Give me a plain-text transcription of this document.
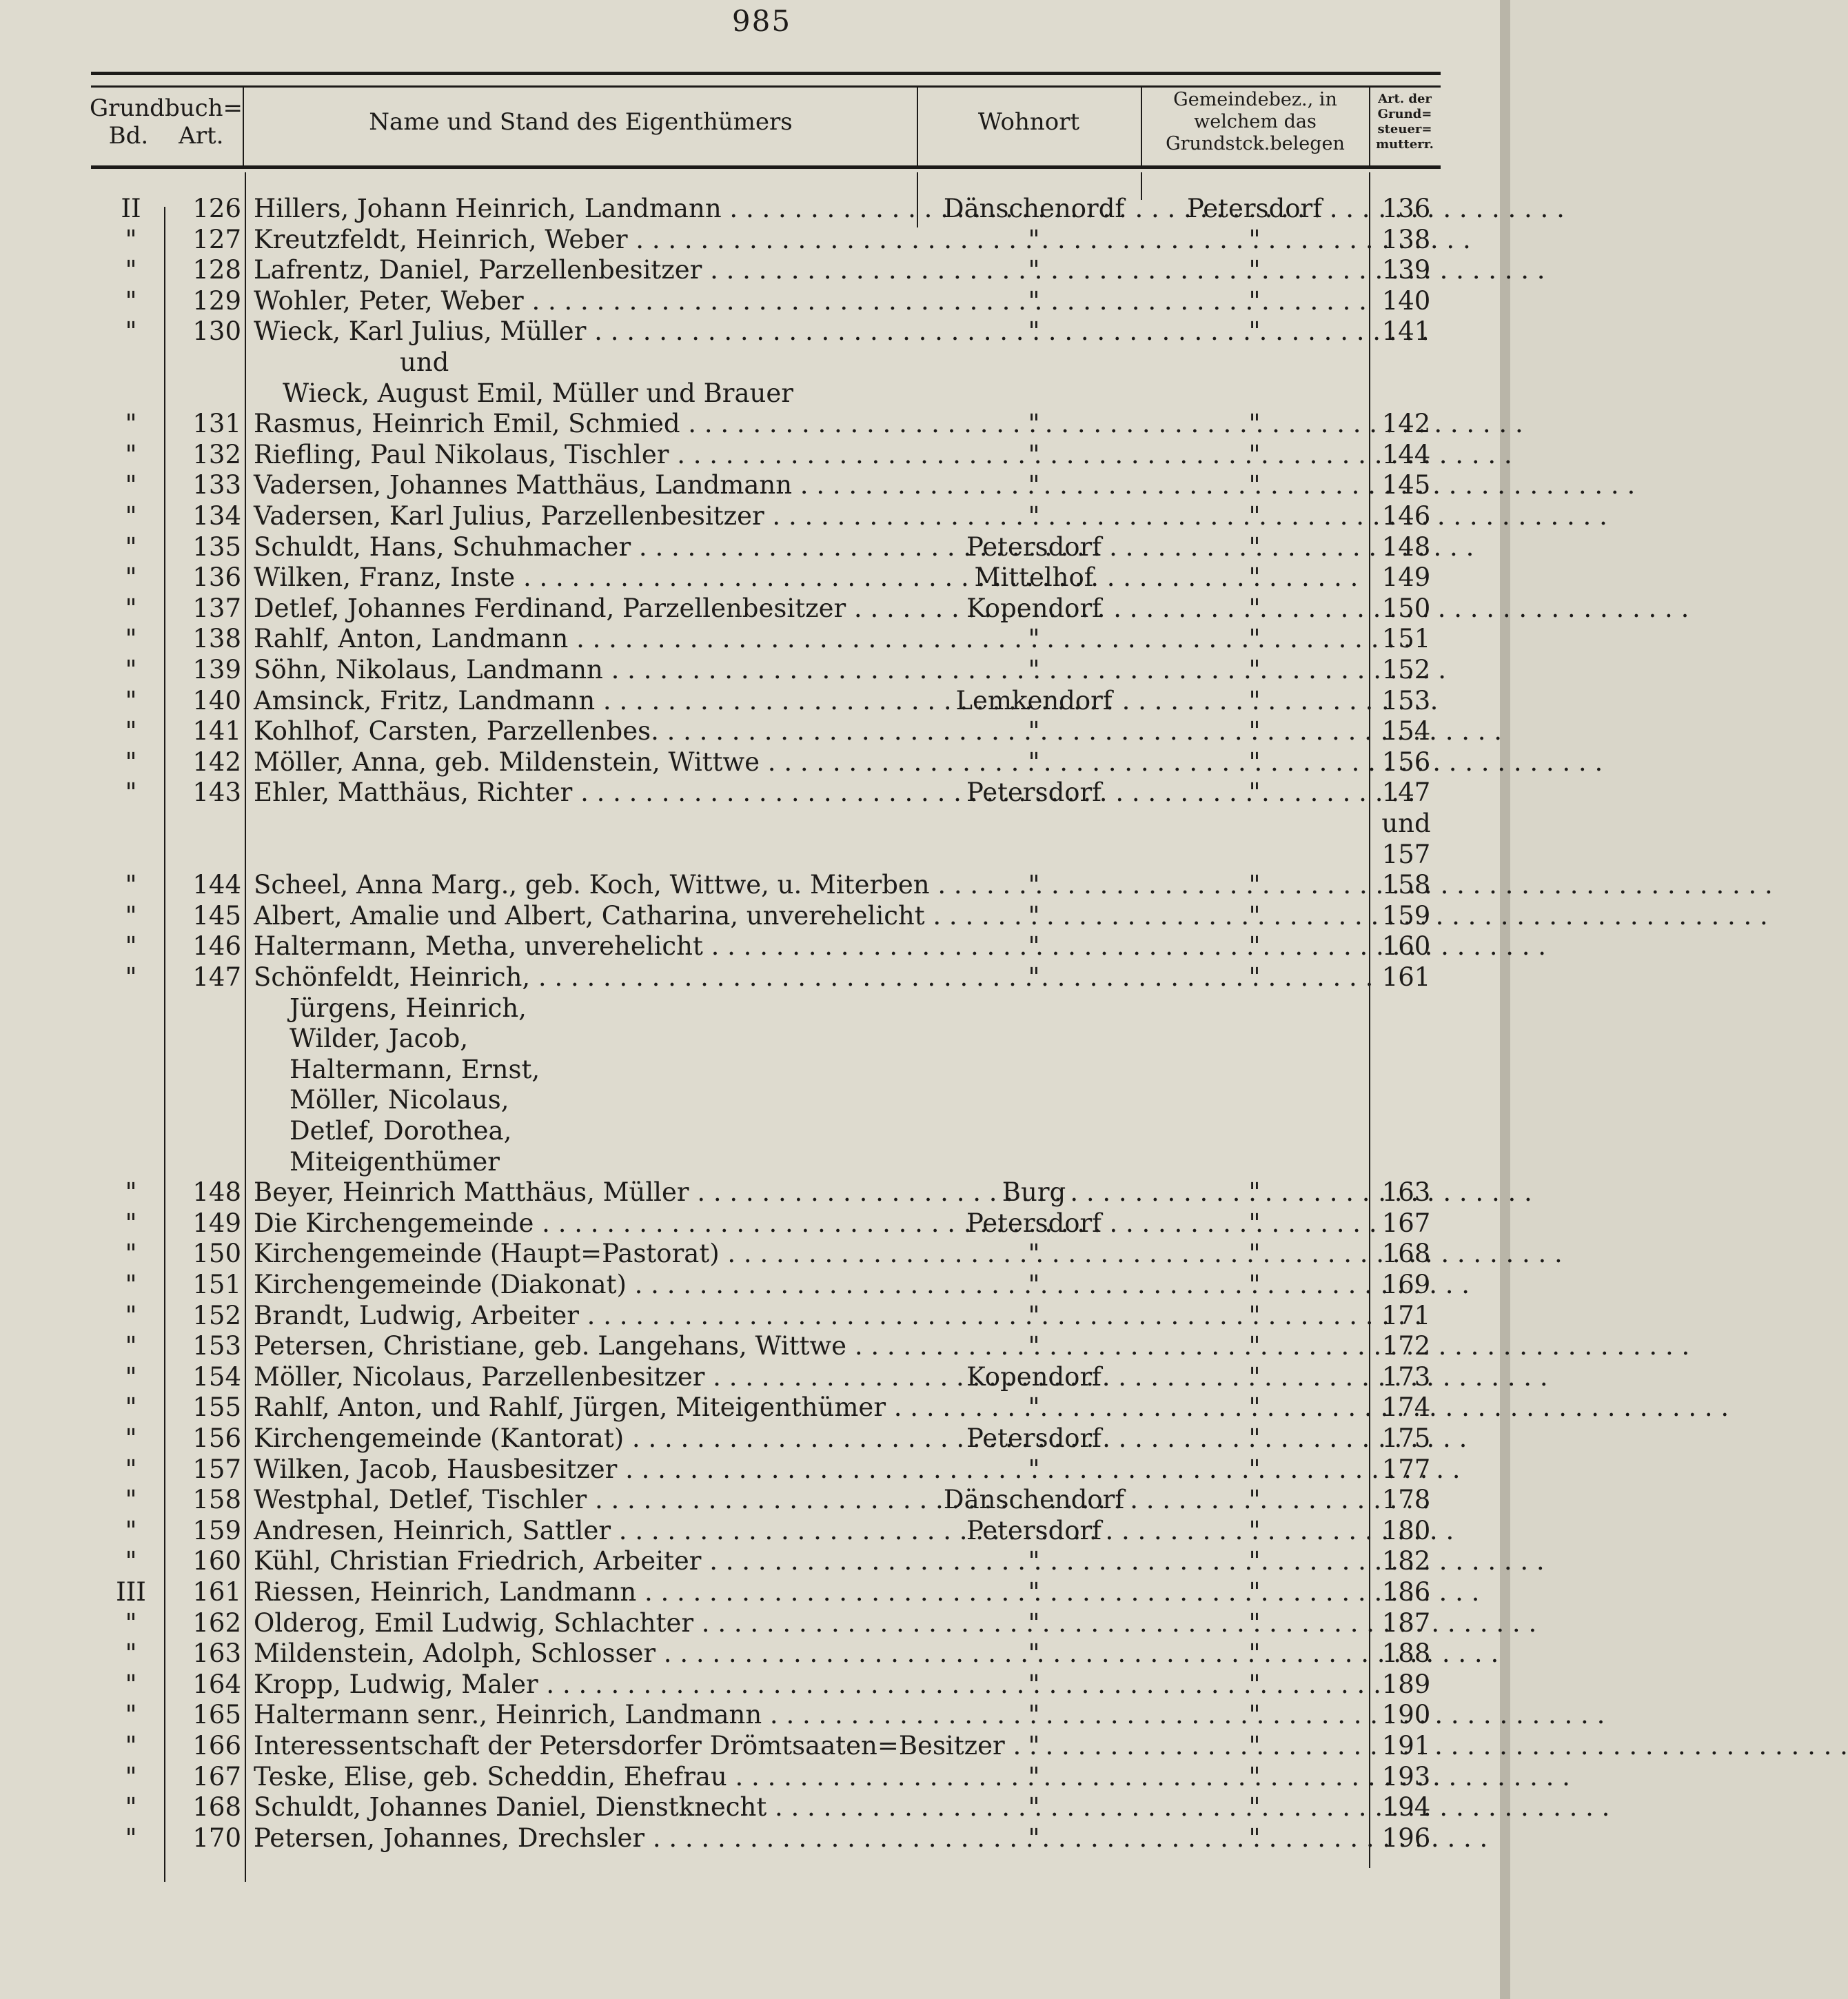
985
Grundbuch=
Bd. Art.	Name und Stand des Eigenthümers	Wohnort
Gemeindebez., in
welchem das
Grundstck.belegen
Art. der
Grund=
steuer=
mutterr.
II	126 Hillers, Johann Heinrich, Landmann . . .	Dänschenordf	Petersdorf	136
"	127 Kreutzfeldt, Heinrich, Weber . . .	"	"	138
"	128 Lafrentz, Daniel, Parzellenbesitzer . . .	"	"	139
"	129 Wohler, Peter, Weber . . .	"	"	140
"	130 Wieck, Karl Julius, Müller . . .	"	"	141
und
Wieck, August Emil, Müller und Brauer
"	131 Rasmus, Heinrich Emil, Schmied . . .	"	"	142
"	132 Riefling, Paul Nikolaus, Tischler . . .	"	"	144
"	133 Vadersen, Johannes Matthäus, Landmann . . .	"	"	145
"	134 Vadersen, Karl Julius, Parzellenbesitzer . . .	"	"	146
"	135 Schuldt, Hans, Schuhmacher . . .	Petersdorf	"	148
"	136 Wilken, Franz, Instе . . .	Mittelhof	"	149
"	137 Detlef, Johannes Ferdinand, Parzellenbesitzer . . .	Kopendorf	"	150
"	138 Rahlf, Anton, Landmann . . .	"	"	151
"	139 Söhn, Nikolaus, Landmann . . .	"	"	152
"	140 Amsinck, Fritz, Landmann . . .	Lemkendorf	"	153
"	141 Kohlhof, Carsten, Parzellenbes. . . .	"	"	154
"	142 Möller, Anna, geb. Mildenstein, Wittwe . . .	"	"	156
"	143 Ehler, Matthäus, Richter . . .	Petersdorf	"	147
und
157
"	144 Scheel, Anna Marg., geb. Koch, Wittwe, u. Miterben . . .	"	"	158
"	145 Albert, Amalie und Albert, Catharina, unverehelicht . . .	"	"	159
"	146 Haltermann, Metha, unverehelicht . . .	"	"	160
"	147 Schönfeldt, Heinrich, . . .	"	"	161
Jürgens, Heinrich,
Wilder, Jacob,
Haltermann, Ernst,
Möller, Nicolaus,
Detlef, Dorothea,
Miteigenthümer
"	148 Beyer, Heinrich Matthäus, Müller . . .	Burg	"	163
"	149 Die Kirchengemeinde . . .	Petersdorf	"	167
"	150 Kirchengemeinde (Haupt=Pastorat) . . .	"	"	168
"	151 Kirchengemeinde (Diakonat) . . .	"	"	169
"	152 Brandt, Ludwig, Arbeiter . . .	"	"	171
"	153 Petersen, Christiane, geb. Langehans, Wittwe . . .	"	"	172
"	154 Möller, Nicolaus, Parzellenbesitzer . . .	Kopendorf	"	173
"	155 Rahlf, Anton, und Rahlf, Jürgen, Miteigenthümer . . .	"	"	174
"	156 Kirchengemeinde (Kantorat) . . .	Petersdorf	"	175
"	157 Wilken, Jacob, Hausbesitzer . . .	"	"	177
"	158 Westphal, Detlef, Tischler . . .	Dänschendorf	"	178
"	159 Andresen, Heinrich, Sattler . . .	Petersdorf	"	180
"	160 Kühl, Christian Friedrich, Arbeiter . . .	"	"	182
III	161 Riessen, Heinrich, Landmann . . .	"	"	186
"	162 Olderog, Emil Ludwig, Schlachter . . .	"	"	187
"	163 Mildenstein, Adolph, Schlosser . . .	"	"	188
"	164 Kropp, Ludwig, Maler . . .	"	"	189
"	165 Haltermann senr., Heinrich, Landmann . . .	"	"	190
"	166 Interessentschaft der Petersdorfer Drömtsaaten=Besitzer . . . "	"	191
"	167 Teske, Elise, geb. Scheddin, Ehefrau . . .	"	"	193
"	168 Schuldt, Johannes Daniel, Dienstknecht . . .	"	"	194
"	170 Petersen, Johannes, Drechsler . . .	"	"	196
